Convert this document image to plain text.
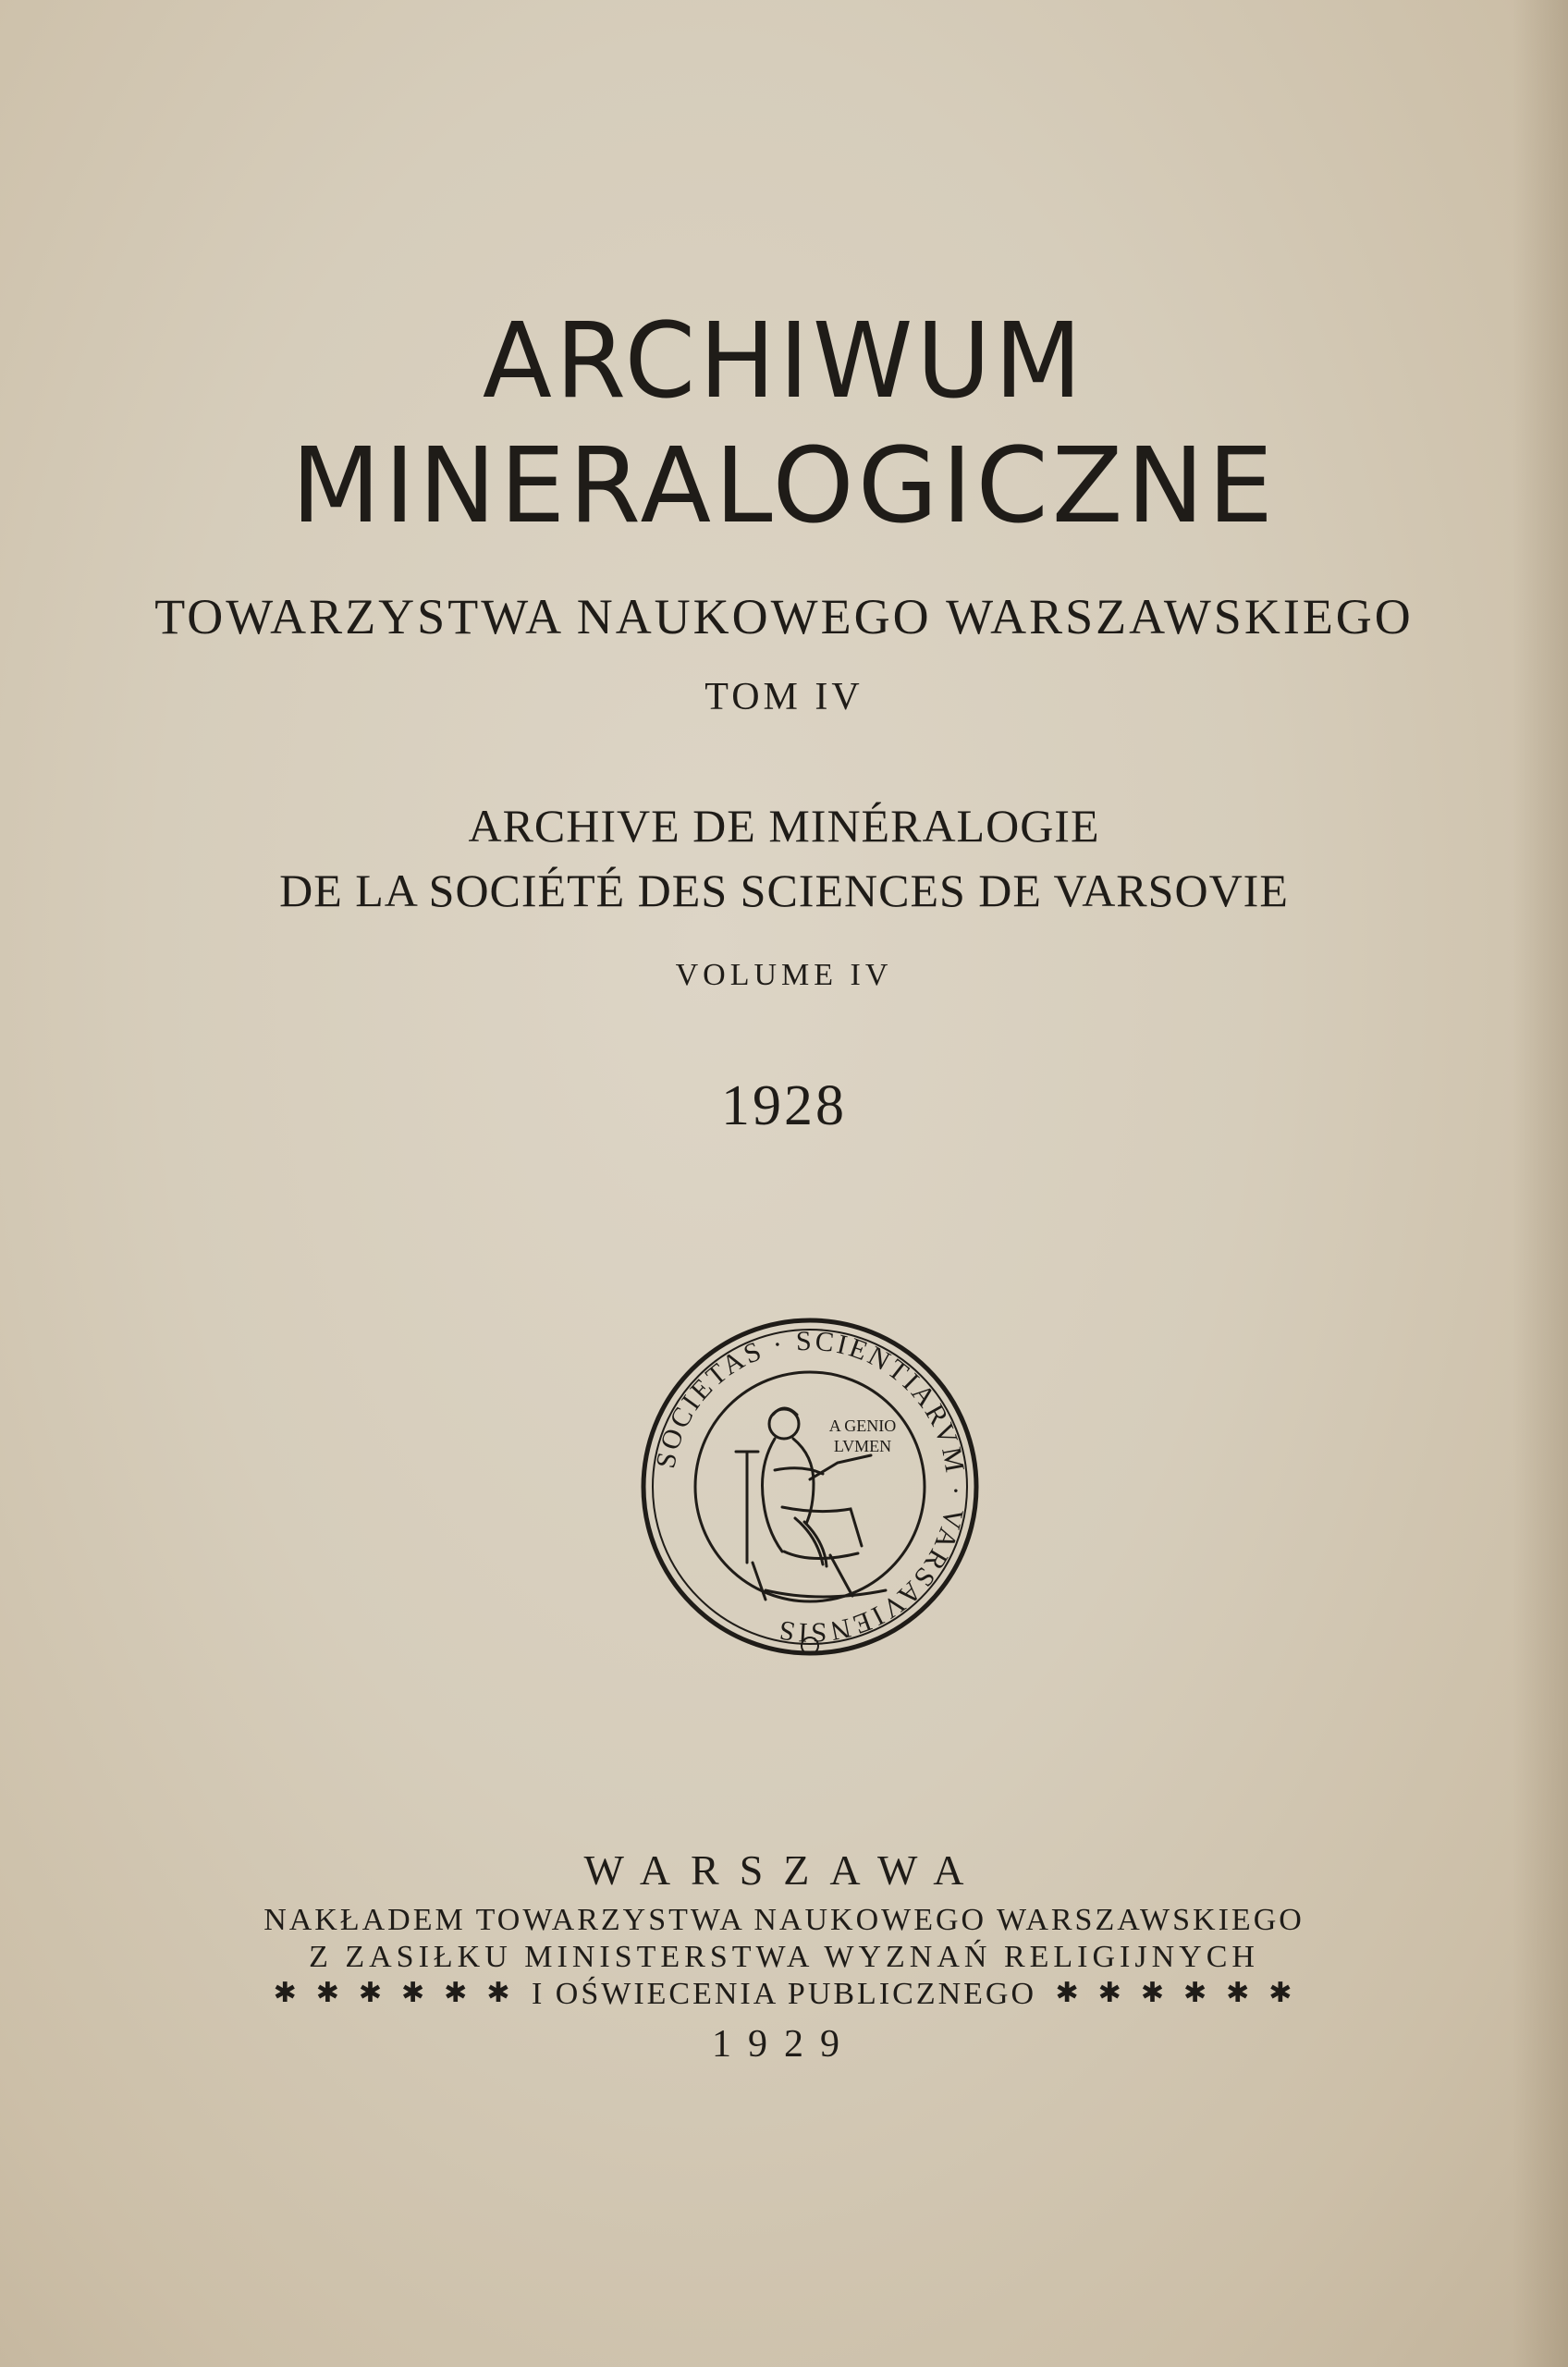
ARCHIWUM
MINERALOGICZNE
TOWARZYSTWA NAUKOWEGO WARSZAWSKIEGO
TOM IV
ARCHIVE DE MINÉRALOGIE
DE LA SOCIÉTÉ DES SCIENCES DE VARSOVIE
VOLUME IV
1928
SOCIETAS · SCIENTIARVM · VARSAVIENSIS
A GENIO
LVMEN
WARSZAWA
NAKŁADEM TOWARZYSTWA NAUKOWEGO WARSZAWSKIEGO
Z ZASIŁKU MINISTERSTWA WYZNAŃ RELIGIJNYCH
✱ ✱ ✱ ✱ ✱ ✱ I OŚWIECENIA PUBLICZNEGO ✱ ✱ ✱ ✱ ✱ ✱
1929
